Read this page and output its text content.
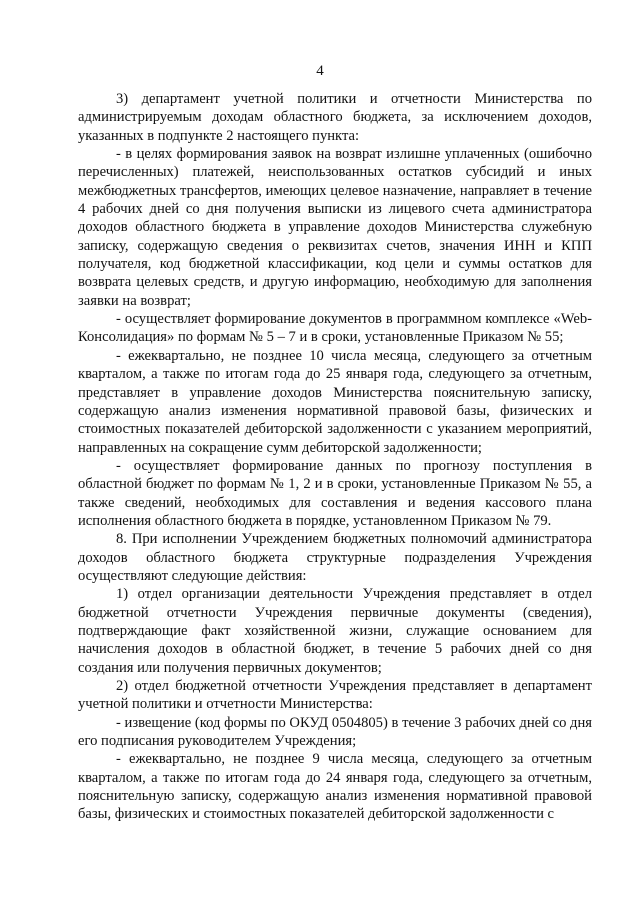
4

3) департамент учетной политики и отчетности Министерства по администрируемым доходам областного бюджета, за исключением доходов, указанных в подпункте 2 настоящего пункта:

- в целях формирования заявок на возврат излишне уплаченных (ошибочно перечисленных) платежей, неиспользованных остатков субсидий и иных межбюджетных трансфертов, имеющих целевое назначение, направляет в течение 4 рабочих дней со дня получения выписки из лицевого счета администратора доходов областного бюджета в управление доходов Министерства служебную записку, содержащую сведения о реквизитах счетов, значения ИНН и КПП получателя, код бюджетной классификации, код цели и суммы остатков для возврата целевых средств, и другую информацию, необходимую для заполнения заявки на возврат;

- осуществляет формирование документов в программном комплексе «Web-Консолидация» по формам № 5 – 7 и в сроки, установленные Приказом № 55;

- ежеквартально, не позднее 10 числа месяца, следующего за отчетным кварталом, а также по итогам года до 25 января года, следующего за отчетным, представляет в управление доходов Министерства пояснительную записку, содержащую анализ изменения нормативной правовой базы, физических и стоимостных показателей дебиторской задолженности с указанием мероприятий, направленных на сокращение сумм дебиторской задолженности;

- осуществляет формирование данных по прогнозу поступления в областной бюджет по формам № 1, 2 и в сроки, установленные Приказом № 55, а также сведений, необходимых для составления и ведения кассового плана исполнения областного бюджета в порядке, установленном Приказом № 79.

8. При исполнении Учреждением бюджетных полномочий администратора доходов областного бюджета структурные подразделения Учреждения осуществляют следующие действия:

1) отдел организации деятельности Учреждения представляет в отдел бюджетной отчетности Учреждения первичные документы (сведения), подтверждающие факт хозяйственной жизни, служащие основанием для начисления доходов в областной бюджет, в течение 5 рабочих дней со дня создания или получения первичных документов;

2) отдел бюджетной отчетности Учреждения представляет в департамент учетной политики и отчетности Министерства:

- извещение (код формы по ОКУД 0504805) в течение 3 рабочих дней со дня его подписания руководителем Учреждения;

- ежеквартально, не позднее 9 числа месяца, следующего за отчетным кварталом, а также по итогам года до 24 января года, следующего за отчетным, пояснительную записку, содержащую анализ изменения нормативной правовой базы, физических и стоимостных показателей дебиторской задолженности с
